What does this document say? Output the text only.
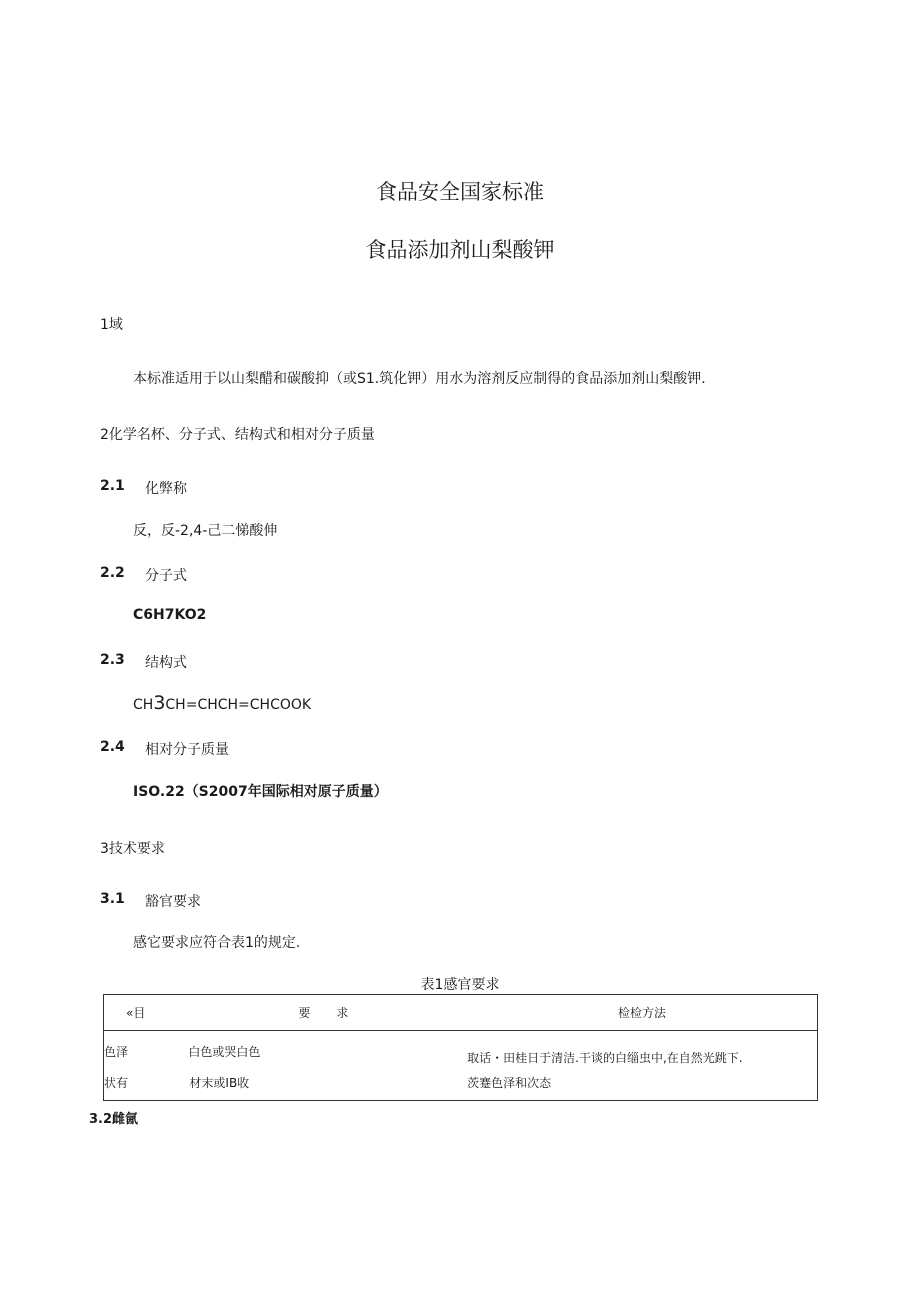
食品安全国家标准
食品添加剂山梨酸钾
1域
本标准适用于以山梨醋和碳酸抑（或S1.筑化钾）用水为溶剂反应制得的食品添加剂山梨酸钾.
2化学名杯、分子式、结构式和相对分子质量
2.1 化弊称
反，反-2,4-己二悌酸伸
2.2 分子式
C6H7KO2
2.3 结构式
CH3CH=CHCH=CHCOOK
2.4 相对分子质量
ISO.22（S2007年国际相对原子质量）
3技术要求
3.1 豁官要求
感它要求应符合表1的规定.
表1感官要求
«目	要 求	检检方法
色泽	白色或哭白色	取话・田桂日于清洁.干谈的白缁虫中,在自然光跳下.
状有	材末或IB收	茨蹇色泽和次态
3.2雌氤
